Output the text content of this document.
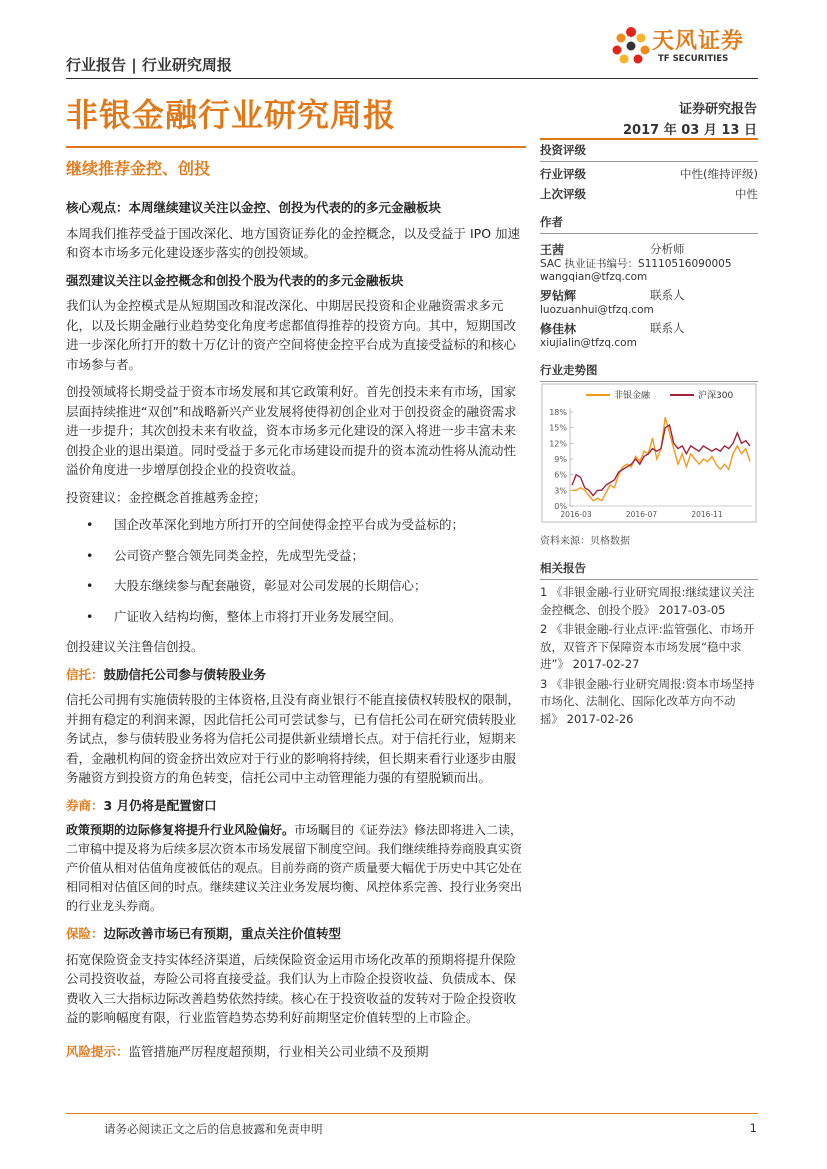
行业报告 | 行业研究周报
天风证券
TF SECURITIES
非银金融行业研究周报	证券研究报告
2017 年 03 月 13 日
继续推荐金控、创投
投资评级
行业评级	中性(维持评级)
上次评级	中性
作者
王茜	分析师
SAC 执业证书编号：S1110516090005
wangqian@tfzq.com
罗钻辉	联系人
luozuanhui@tfzq.com
修佳林	联系人
xiujialin@tfzq.com
行业走势图
0%
3%
6%
9%
12%
15%
18%
2016-03	2016-07	2016-11
非银金融	沪深300
资料来源：贝格数据
相关报告

1 《非银金融-行业研究周报:继续建议关注金控概念、创投个股》 2017-03-05

2 《非银金融-行业点评:监管强化、市场开放，双管齐下保障资本市场发展“稳中求进”》 2017-02-27

3 《非银金融-行业研究周报:资本市场坚持市场化、法制化、国际化改革方向不动摇》 2017-02-26

核心观点：本周继续建议关注以金控、创投为代表的的多元金融板块

本周我们推荐受益于国改深化、地方国资证券化的金控概念，以及受益于 IPO 加速和资本市场多元化建设逐步落实的创投领域。

强烈建议关注以金控概念和创投个股为代表的的多元金融板块

我们认为金控模式是从短期国改和混改深化、中期居民投资和企业融资需求多元化，以及长期金融行业趋势变化角度考虑都值得推荐的投资方向。其中，短期国改进一步深化所打开的数十万亿计的资产空间将使金控平台成为直接受益标的和核心市场参与者。

创投领域将长期受益于资本市场发展和其它政策利好。首先创投未来有市场，国家层面持续推进“双创”和战略新兴产业发展将使得初创企业对于创投资金的融资需求进一步提升；其次创投未来有收益，资本市场多元化建设的深入将进一步丰富未来创投企业的退出渠道。同时受益于多元化市场建设而提升的资本流动性将从流动性溢价角度进一步增厚创投企业的投资收益。

投资建议：金控概念首推越秀金控；

• 国企改革深化到地方所打开的空间使得金控平台成为受益标的；
• 公司资产整合领先同类金控，先成型先受益；
• 大股东继续参与配套融资，彰显对公司发展的长期信心；
• 广证收入结构均衡，整体上市将打开业务发展空间。

创投建议关注鲁信创投。

信托：鼓励信托公司参与债转股业务

信托公司拥有实施债转股的主体资格,且没有商业银行不能直接债权转股权的限制，并拥有稳定的利润来源，因此信托公司可尝试参与，已有信托公司在研究债转股业务试点，参与债转股业务将为信托公司提供新业绩增长点。对于信托行业，短期来看，金融机构间的资金挤出效应对于行业的影响将持续，但长期来看行业逐步由服务融资方到投资方的角色转变，信托公司中主动管理能力强的有望脱颖而出。

券商：3 月仍将是配置窗口

政策预期的边际修复将提升行业风险偏好。市场瞩目的《证券法》修法即将进入二读，二审稿中提及将为后续多层次资本市场发展留下制度空间。我们继续维持券商股真实资产价值从相对估值角度被低估的观点。目前券商的资产质量要大幅优于历史中其它处在相同相对估值区间的时点。继续建议关注业务发展均衡、风控体系完善、投行业务突出的行业龙头券商。

保险：边际改善市场已有预期，重点关注价值转型

拓宽保险资金支持实体经济渠道，后续保险资金运用市场化改革的预期将提升保险公司投资收益，寿险公司将直接受益。我们认为上市险企投资收益、负债成本、保费收入三大指标边际改善趋势依然持续。核心在于投资收益的发转对于险企投资收益的影响幅度有限，行业监管趋势态势利好前期坚定价值转型的上市险企。

风险提示：监管措施严厉程度超预期，行业相关公司业绩不及预期

请务必阅读正文之后的信息披露和免责申明	1
